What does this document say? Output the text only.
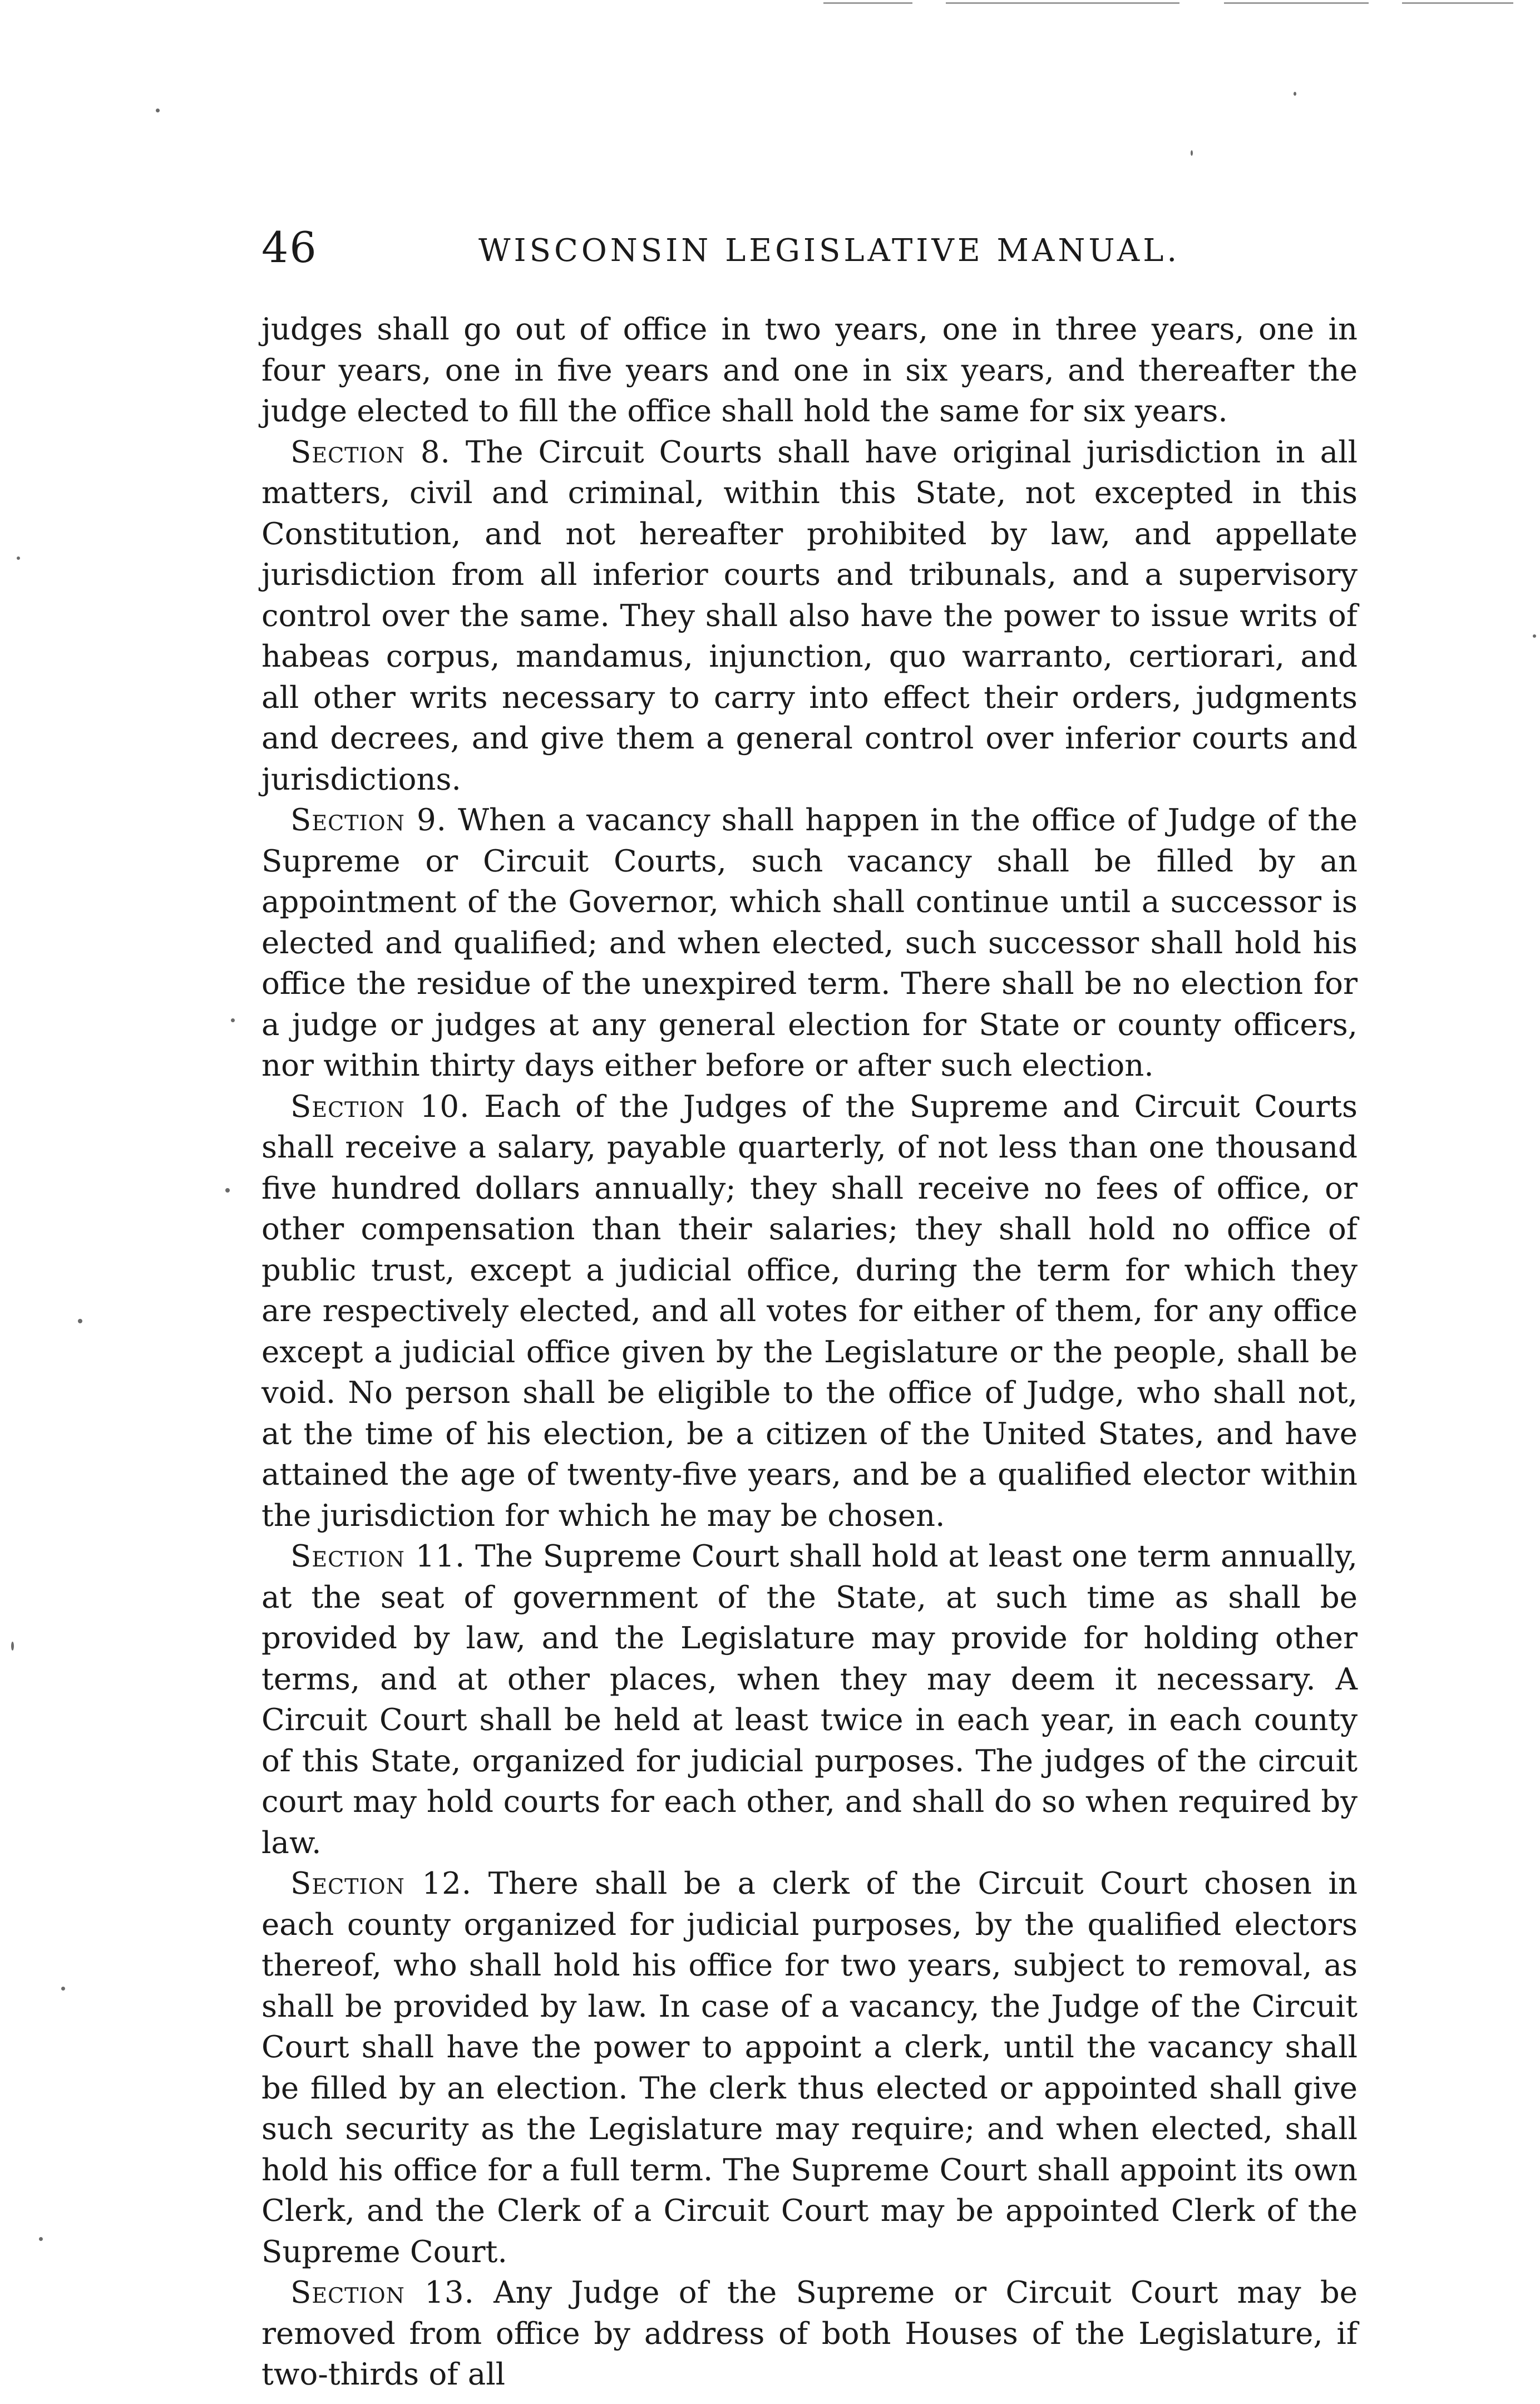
46	WISCONSIN LEGISLATIVE MANUAL.

judges shall go out of office in two years, one in three years, one in four years, one in five years and one in six years, and thereafter the judge elected to fill the office shall hold the same for six years.

Section 8. The Circuit Courts shall have original jurisdiction in all matters, civil and criminal, within this State, not excepted in this Constitution, and not hereafter prohibited by law, and appellate jurisdiction from all inferior courts and tribunals, and a supervisory control over the same. They shall also have the power to issue writs of habeas corpus, mandamus, injunction, quo warranto, certiorari, and all other writs necessary to carry into effect their orders, judgments and decrees, and give them a general control over inferior courts and jurisdictions.

Section 9. When a vacancy shall happen in the office of Judge of the Supreme or Circuit Courts, such vacancy shall be filled by an appointment of the Governor, which shall continue until a successor is elected and qualified; and when elected, such successor shall hold his office the residue of the unexpired term. There shall be no election for a judge or judges at any general election for State or county officers, nor within thirty days either before or after such election.

Section 10. Each of the Judges of the Supreme and Circuit Courts shall receive a salary, payable quarterly, of not less than one thousand five hundred dollars annually; they shall receive no fees of office, or other compensation than their salaries; they shall hold no office of public trust, except a judicial office, during the term for which they are respectively elected, and all votes for either of them, for any office except a judicial office given by the Legislature or the people, shall be void. No person shall be eligible to the office of Judge, who shall not, at the time of his election, be a citizen of the United States, and have attained the age of twenty-five years, and be a qualified elector within the jurisdiction for which he may be chosen.

Section 11. The Supreme Court shall hold at least one term annually, at the seat of government of the State, at such time as shall be provided by law, and the Legislature may provide for holding other terms, and at other places, when they may deem it necessary. A Circuit Court shall be held at least twice in each year, in each county of this State, organized for judicial purposes. The judges of the circuit court may hold courts for each other, and shall do so when required by law.

Section 12. There shall be a clerk of the Circuit Court chosen in each county organized for judicial purposes, by the qualified electors thereof, who shall hold his office for two years, subject to removal, as shall be provided by law. In case of a vacancy, the Judge of the Circuit Court shall have the power to appoint a clerk, until the vacancy shall be filled by an election. The clerk thus elected or appointed shall give such security as the Legislature may require; and when elected, shall hold his office for a full term. The Supreme Court shall appoint its own Clerk, and the Clerk of a Circuit Court may be appointed Clerk of the Supreme Court.

Section 13. Any Judge of the Supreme or Circuit Court may be removed from office by address of both Houses of the Legislature, if two-thirds of all
